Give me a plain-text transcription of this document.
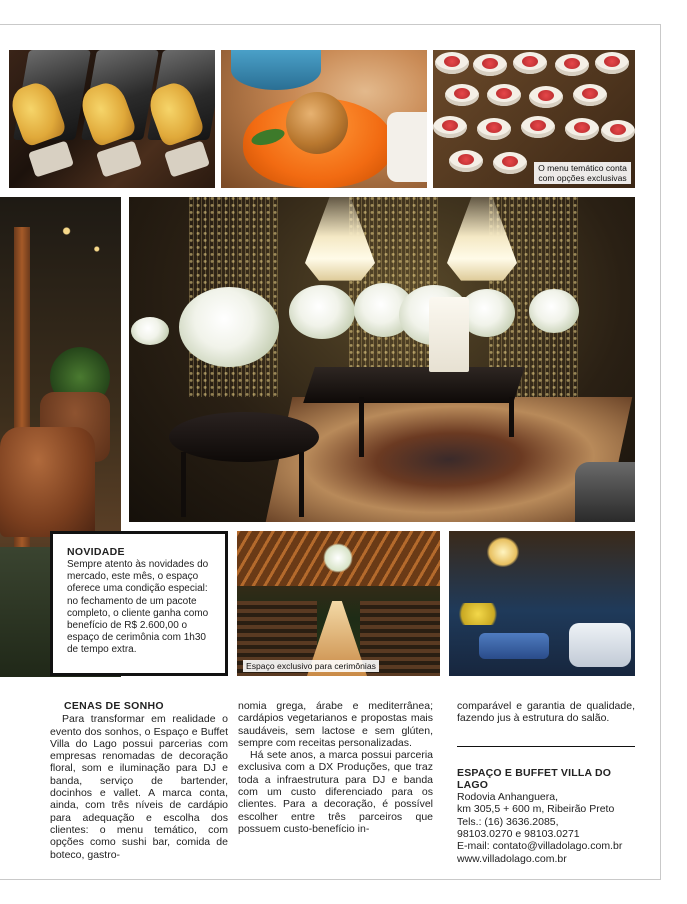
O menu temático conta com opções exclusivas
NOVIDADE

Sempre atento às novidades do mercado, este mês, o espaço oferece uma condição especial: no fechamento de um pacote completo, o cliente ganha como benefício de R$ 2.600,00 o espaço de cerimônia com 1h30 de tempo extra.

Espaço exclusivo para cerimônias
CENAS DE SONHO

Para transformar em realidade o evento dos sonhos, o Espaço e Buffet Villa do Lago possui parcerias com empresas renomadas de decoração floral, som e iluminação para DJ e banda, serviço de bartender, docinhos e vallet. A marca conta, ainda, com três níveis de cardápio para adequação e escolha dos clientes: o menu temático, com opções como sushi bar, comida de boteco, gastro-

nomia grega, árabe e mediterrânea; cardápios vegetarianos e propostas mais saudáveis, sem lactose e sem glúten, sempre com receitas personalizadas.

Há sete anos, a marca possui parceria exclusiva com a DX Produções, que traz toda a infraestrutura para DJ e banda com um custo diferenciado para os clientes. Para a decoração, é possível escolher entre três parceiros que possuem custo-benefício in-

comparável e garantia de qualidade, fazendo jus à estrutura do salão.

ESPAÇO E BUFFET VILLA DO LAGO
Rodovia Anhanguera,
km 305,5 + 600 m, Ribeirão Preto
Tels.: (16) 3636.2085,
98103.0270 e 98103.0271
E-mail: contato@villadolago.com.br
www.villadolago.com.br
